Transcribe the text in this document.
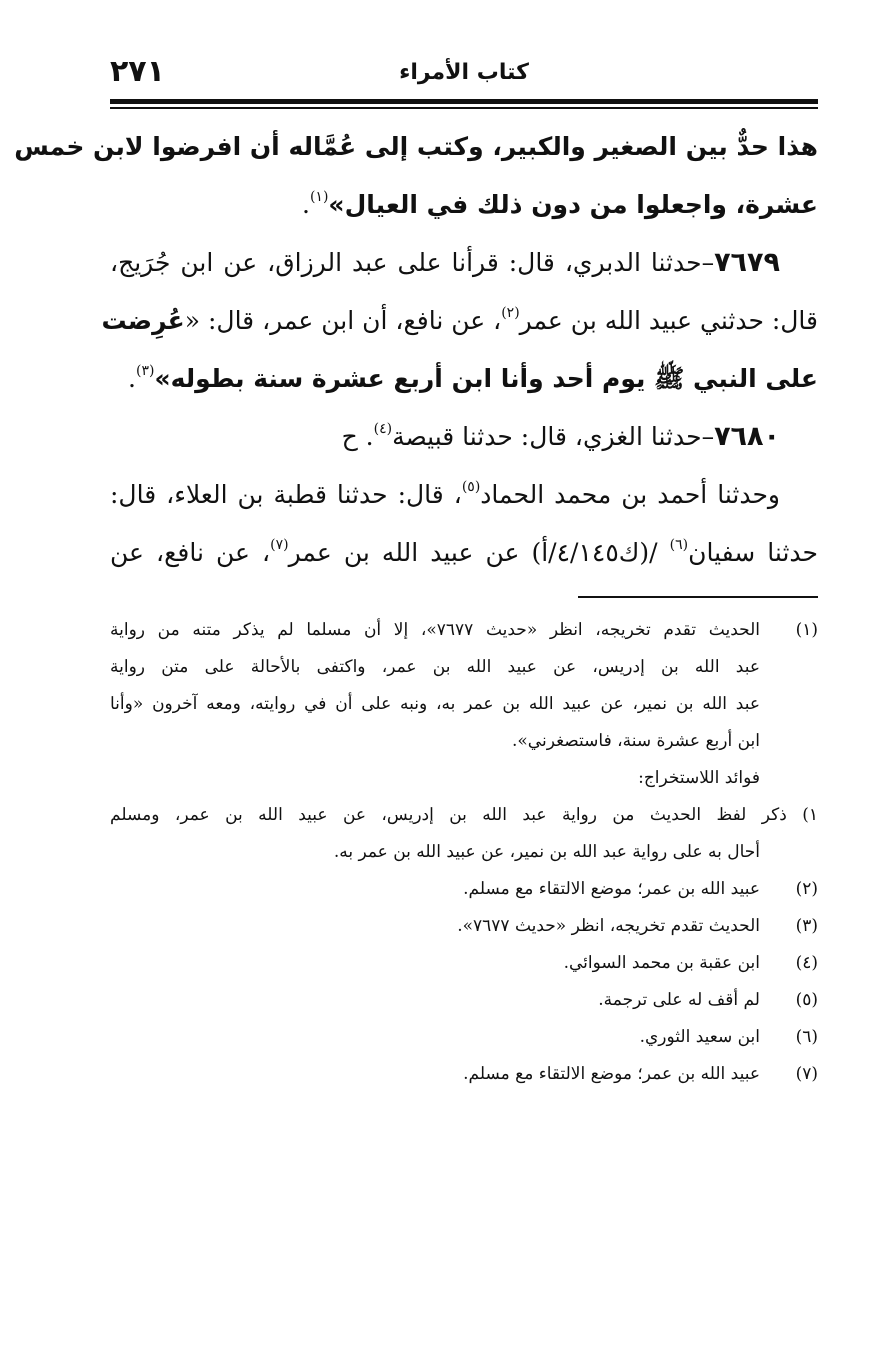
٢٧١	كتاب الأمراء
هذا حدٌّ بين الصغير والكبير، وكتب إلى عُمَّاله أن افرضوا لابن خمس
عشرة، واجعلوا من دون ذلك في العيال»$^{(١)}$.
٧٦٧٩–حدثنا الدبري، قال: قرأنا على عبد الرزاق، عن ابن جُرَيج،
قال: حدثني عبيد الله بن عمر$^{(٢)}$، عن نافع، أن ابن عمر، قال: «عُرِضت
على النبي ﷺ يوم أحد وأنا ابن أربع عشرة سنة بطوله»$^{(٣)}$.
٧٦٨٠–حدثنا الغزي، قال: حدثنا قبيصة$^{(٤)}$. ح
وحدثنا أحمد بن محمد الحماد$^{(٥)}$، قال: حدثنا قطبة بن العلاء، قال:
حدثنا سفيان$^{(٦)}$ /(ك٤/١٤٥/أ) عن عبيد الله بن عمر$^{(٧)}$، عن نافع، عن
(١)
الحديث تقدم تخريجه، انظر «حديث ٧٦٧٧»، إلا أن مسلما لم يذكر متنه من رواية
عبد الله بن إدريس، عن عبيد الله بن عمر، واكتفى بالأحالة على متن رواية
عبد الله بن نمير، عن عبيد الله بن عمر به، ونبه على أن في روايته، ومعه آخرون «وأنا
ابن أربع عشرة سنة، فاستصغرني».
فوائد اللاستخراج:
١) ذكر لفظ الحديث من رواية عبد الله بن إدريس، عن عبيد الله بن عمر، ومسلم
أحال به على رواية عبد الله بن نمير، عن عبيد الله بن عمر به.
(٢)
عبيد الله بن عمر؛ موضع الالتقاء مع مسلم.
(٣)
الحديث تقدم تخريجه، انظر «حديث ٧٦٧٧».
(٤)
ابن عقبة بن محمد السوائي.
(٥)
لم أقف له على ترجمة.
(٦)
ابن سعيد الثوري.
(٧)
عبيد الله بن عمر؛ موضع الالتقاء مع مسلم.
